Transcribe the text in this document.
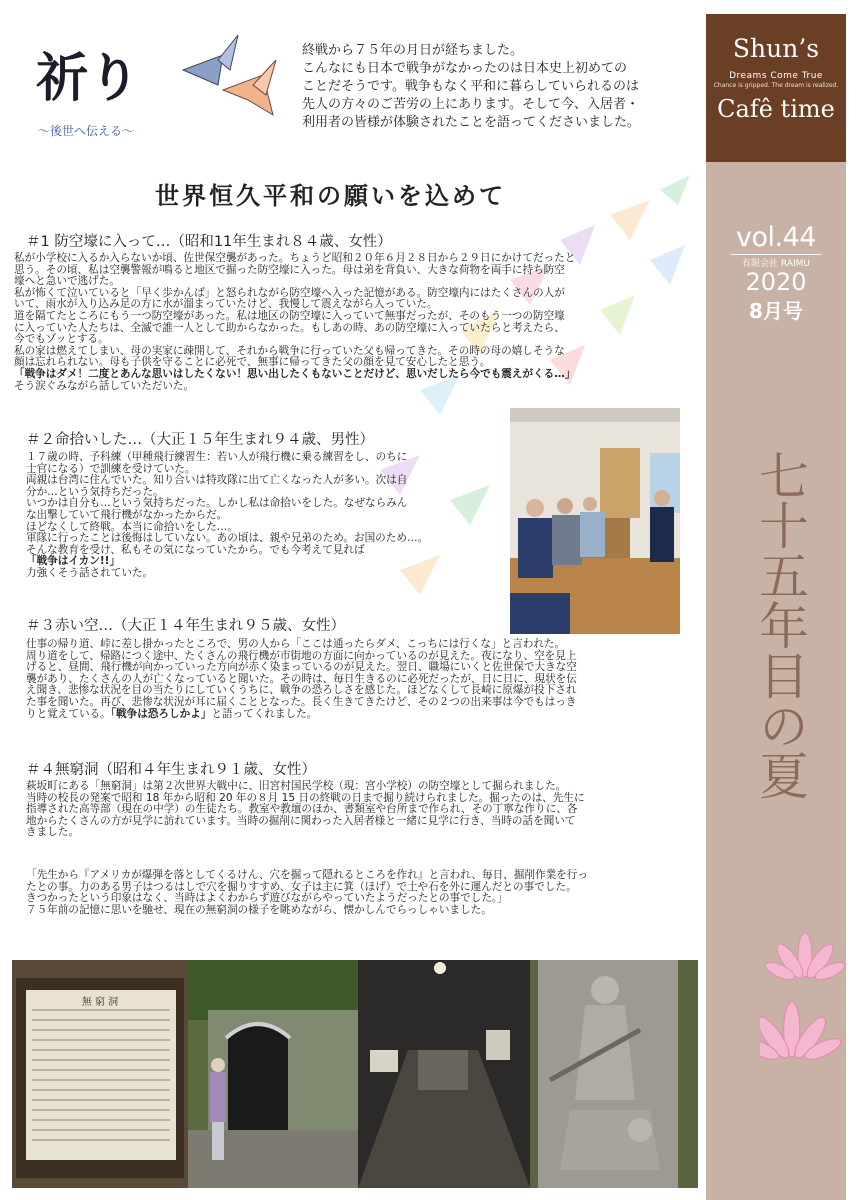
Shun’s
Dreams Come True
Chance is gripped. The dream is realized.
Cafê time
vol.44
有限会社 RAIMU
2020
8月号
七十五年目の夏
祈り
～後世へ伝える～
終戦から７５年の月日が経ちました。
こんなにも日本で戦争がなかったのは日本史上初めての
ことだそうです。戦争もなく平和に暮らしていられるのは
先人の方々のご苦労の上にあります。そして今、入居者・
利用者の皆様が体験されたことを語ってくださいました。
世界恒久平和の願いを込めて
＃1 防空壕に入って…（昭和11年生まれ８４歳、女性）

私が小学校に入るか入らないか頃、佐世保空襲があった。ちょうど昭和２０年６月２８日から２９日にかけてだったと
思う。その頃、私は空襲警報が鳴ると地区で掘った防空壕に入った。母は弟を背負い、大きな荷物を両手に持ち防空
壕へと急いで逃げた。
私が怖くて泣いていると「早く歩かんば」と怒られながら防空壕へ入った記憶がある。防空壕内にはたくさんの人が
いて、雨水が入り込み足の方に水が溜まっていたけど、我慢して震えながら入っていた。
道を隔てたところにもう一つ防空壕があった。私は地区の防空壕に入っていて無事だったが、そのもう一つの防空壕
に入っていた人たちは、全滅で誰一人として助からなかった。もしあの時、あの防空壕に入っていたらと考えたら、
今でもゾッとする。
私の家は燃えてしまい、母の実家に疎開して、それから戦争に行っていた父も帰ってきた。その時の母の嬉しそうな
顔は忘れられない。母も子供を守ることに必死で、無事に帰ってきた父の顔を見て安心したと思う。

「戦争はダメ！二度とあんな思いはしたくない！思い出したくもないことだけど、思いだしたら今でも震えがくる…」

そう涙ぐみながら話していただいた。

＃２命拾いした…（大正１５年生まれ９４歳、男性）

１７歳の時、予科練（甲種飛行練習生：若い人が飛行機に乗る練習をし、のちに
士官になる）で訓練を受けていた。
両親は台湾に住んでいた。知り合いは特攻隊に出て亡くなった人が多い。次は自
分か…という気持ちだった。
いつかは自分も…という気持ちだった。しかし私は命拾いをした。なぜならみん
な出撃していて飛行機がなかったからだ。
ほどなくして終戦。本当に命拾いをした…。
軍隊に行ったことは後悔はしていない。あの頃は、親や兄弟のため。お国のため…。
そんな教育を受け、私もその気になっていたから。でも今考えて見れば

「戦争はイカン!!」

力強くそう話されていた。

＃３赤い空…（大正１４年生まれ９５歳、女性）

仕事の帰り道、峠に差し掛かったところで、男の人から「ここは通ったらダメ、こっちには行くな」と言われた。
周り道をして、帰路につく途中、たくさんの飛行機が市街地の方面に向かっているのが見えた。夜になり、空を見上
げると、昼間、飛行機が向かっていった方向が赤く染まっているのが見えた。翌日、職場にいくと佐世保で大きな空
襲があり、たくさんの人が亡くなっていると聞いた。その時は、毎日生きるのに必死だったが、日に日に、現状を伝
え聞き、悲惨な状況を目の当たりにしていくうちに、戦争の恐ろしさを感じた。ほどなくして長崎に原爆が投下され
た事を聞いた。再び、悲惨な状況が耳に届くこととなった。長く生きてきたけど、その２つの出来事は今でもはっき
りと覚えている。「戦争は恐ろしかよ」と語ってくれました。

＃４無窮洞（昭和４年生まれ９１歳、女性）

萩坂町にある「無窮洞」は第２次世界大戦中に、旧宮村国民学校（現：宮小学校）の防空壕として掘られました。
当時の校長の発案で昭和 18 年から昭和 20 年の８月 15 日の終戦の日まで掘り続けられました。掘ったのは、先生に
指導された高等部（現在の中学）の生徒たち。教室や教壇のほか、書類室や台所まで作られ、その丁寧な作りに、各
地からたくさんの方が見学に訪れています。当時の掘削に関わった入居者様と一緒に見学に行き、当時の話を聞いて
きました。

「先生から『アメリカが爆弾を落としてくるけん、穴を掘って隠れるところを作れ』と言われ、毎日、掘削作業を行っ
たとの事。力のある男子はつるはしで穴を掘りすすめ、女子は主に箕（ほげ）で土や石を外に運んだとの事でした。
きつかったという印象はなく、当時はよくわからず遊びながらやっていたようだったとの事でした。」
７５年前の記憶に思いを馳せ、現在の無窮洞の様子を眺めながら、懐かしんでらっしゃいました。

無 窮 洞
